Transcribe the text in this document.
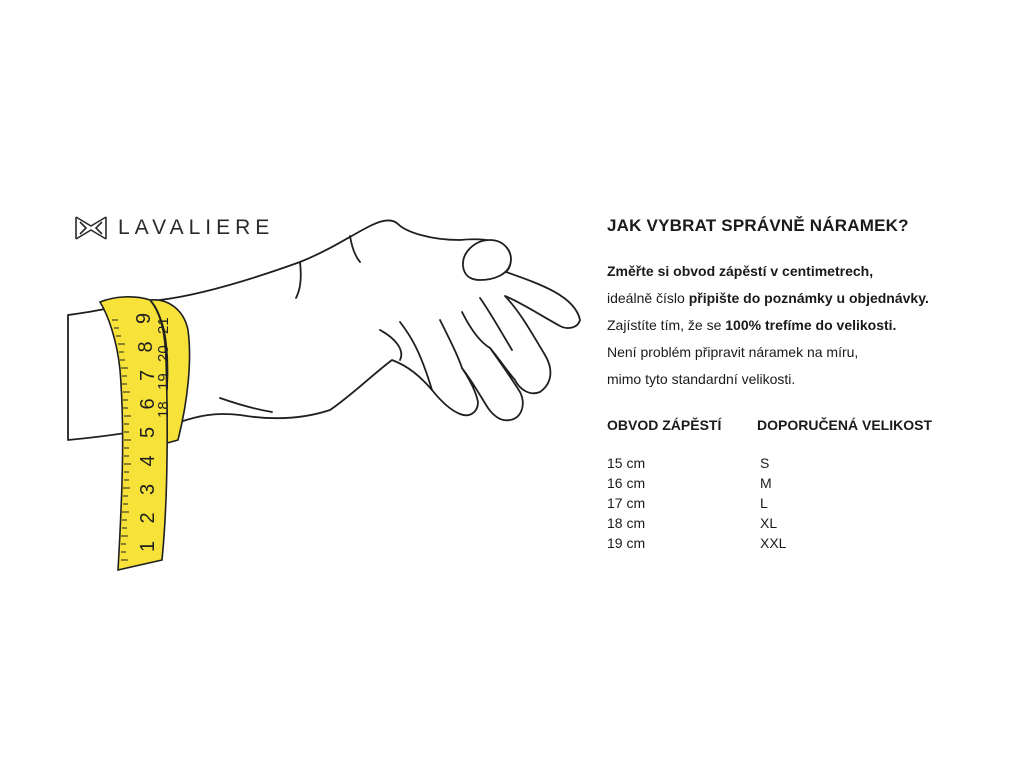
LAVALIERE
1
2
3
4
5
6
7
8
9
18
19
20
21
JAK VYBRAT SPRÁVNĚ NÁRAMEK?
Změřte si obvod zápěstí v centimetrech,
ideálně číslo připište do poznámky u objednávky.
Zajístíte tím, že se 100% trefíme do velikosti.
Není problém připravit náramek na míru,
mimo tyto standardní velikosti.
OBVOD ZÁPĚSTÍ	DOPORUČENÁ VELIKOST
15 cm	S
16 cm	M
17 cm	L
18 cm	XL
19 cm	XXL
